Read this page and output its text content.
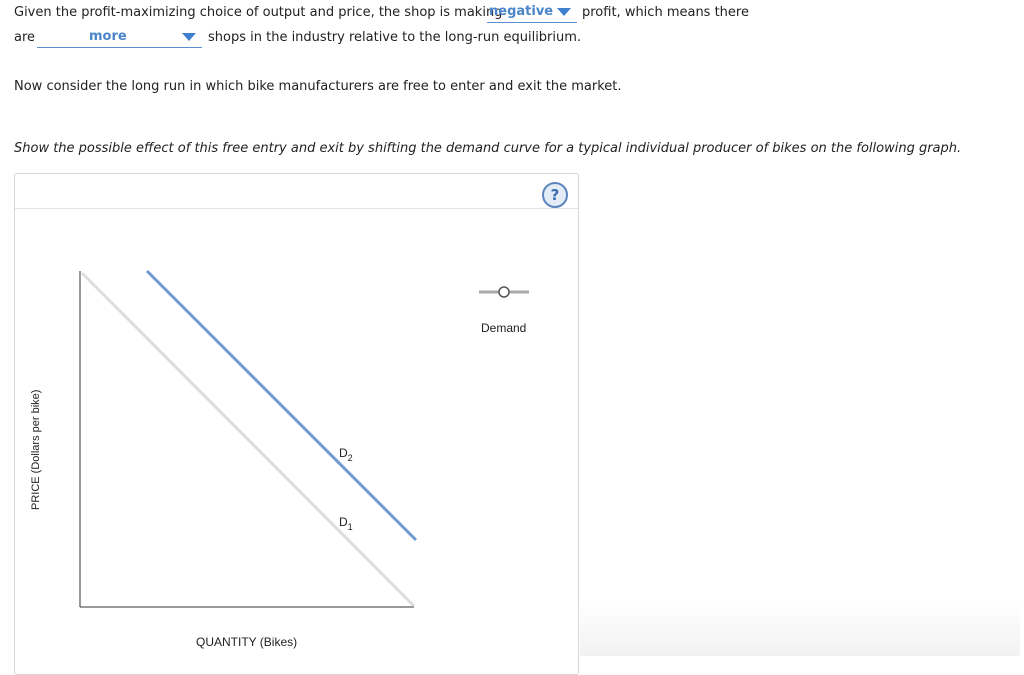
Given the profit-maximizing choice of output and price, the shop is making
negative profit, which means there
are	more	shops in the industry relative to the long-run equilibrium.
Now consider the long run in which bike manufacturers are free to enter and exit the market.
Show the possible effect of this free entry and exit by shifting the demand curve for a typical individual producer of bikes on the following graph.
?
$D_2$
$D_1$
QUANTITY (Bikes)
PRICE (Dollars per bike)
Demand
